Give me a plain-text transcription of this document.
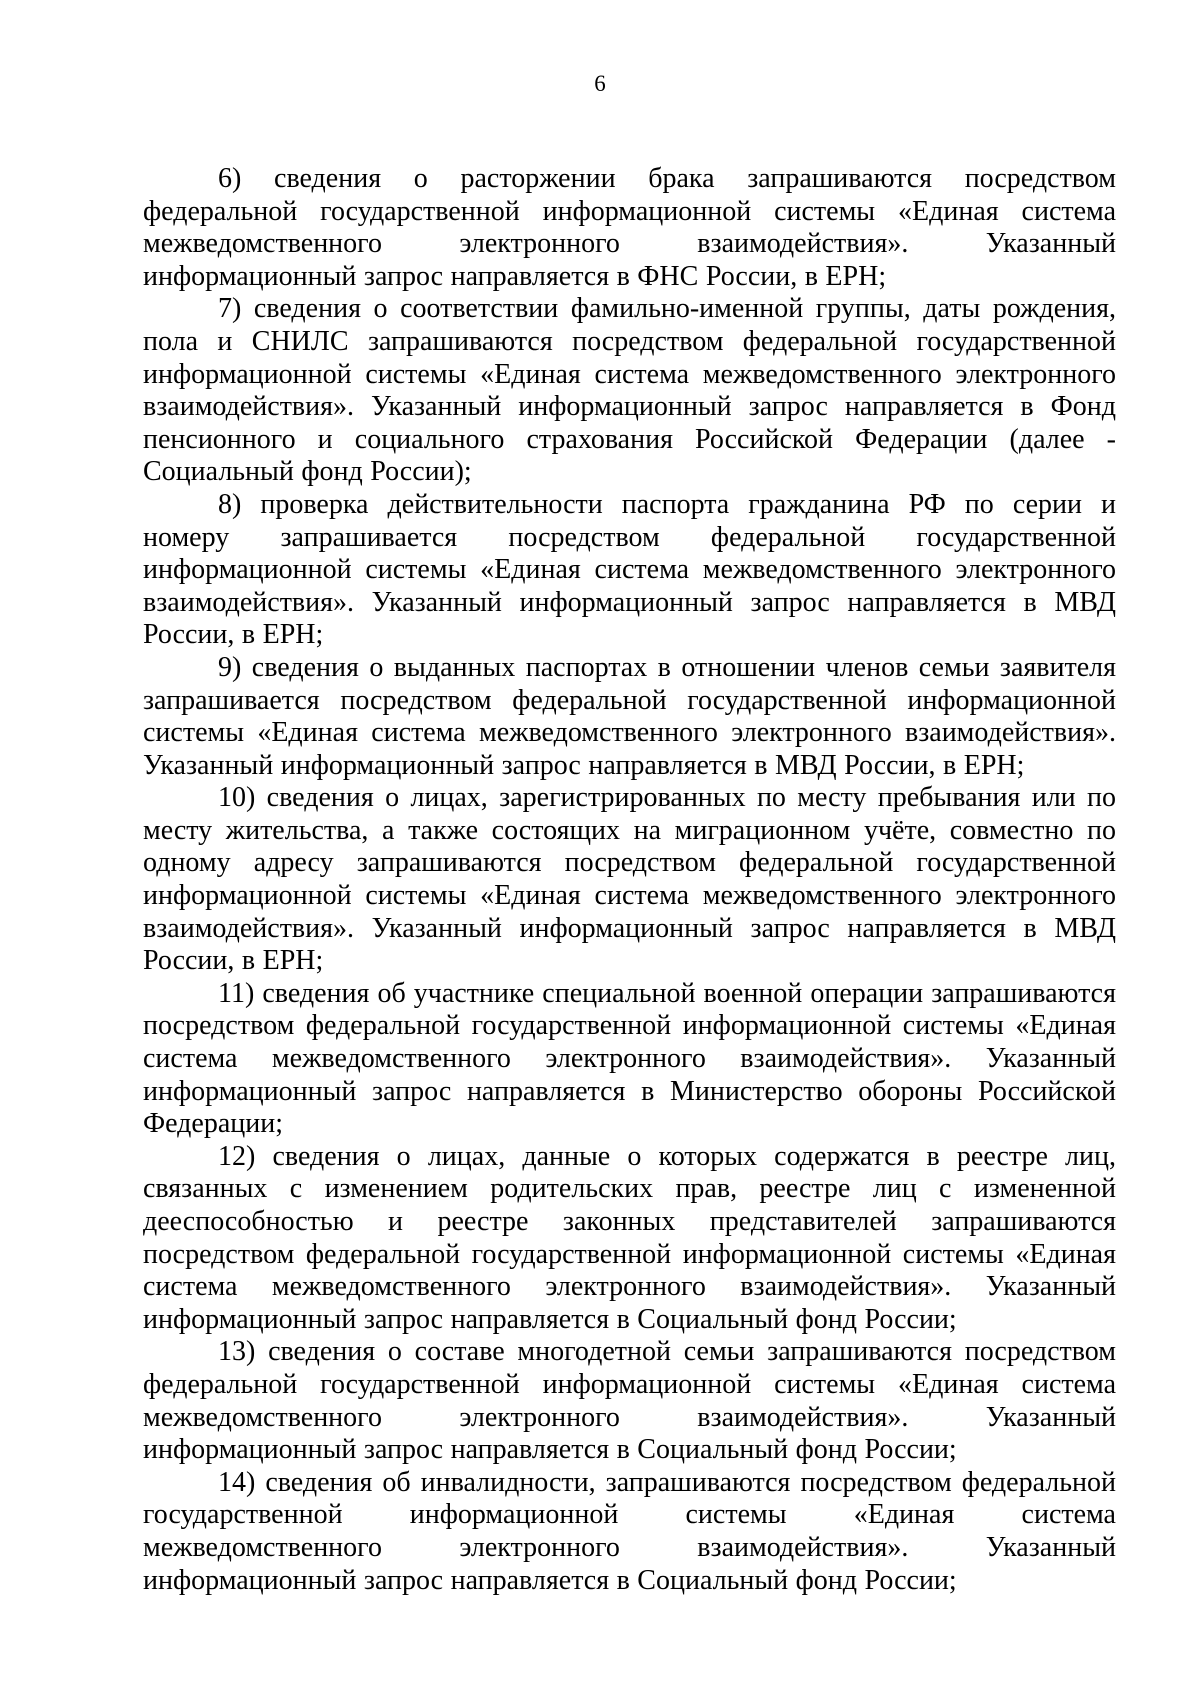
6

6) сведения о расторжении брака запрашиваются посредством федеральной государственной информационной системы «Единая система межведомственного электронного взаимодействия». Указанный информационный запрос направляется в ФНС России, в ЕРН;

7) сведения о соответствии фамильно-именной группы, даты рождения, пола и СНИЛС запрашиваются посредством федеральной государственной информационной системы «Единая система межведомственного электронного взаимодействия». Указанный информационный запрос направляется в Фонд пенсионного и социального страхования Российской Федерации (далее - Социальный фонд России);

8) проверка действительности паспорта гражданина РФ по серии и номеру запрашивается посредством федеральной государственной информационной системы «Единая система межведомственного электронного взаимодействия». Указанный информационный запрос направляется в МВД России, в ЕРН;

9) сведения о выданных паспортах в отношении членов семьи заявителя запрашивается посредством федеральной государственной информационной системы «Единая система межведомственного электронного взаимодействия». Указанный информационный запрос направляется в МВД России, в ЕРН;

10) сведения о лицах, зарегистрированных по месту пребывания или по месту жительства, а также состоящих на миграционном учёте, совместно по одному адресу запрашиваются посредством федеральной государственной информационной системы «Единая система межведомственного электронного взаимодействия». Указанный информационный запрос направляется в МВД России, в ЕРН;

11) сведения об участнике специальной военной операции запрашиваются посредством федеральной государственной информационной системы «Единая система межведомственного электронного взаимодействия». Указанный информационный запрос направляется в Министерство обороны Российской Федерации;

12) сведения о лицах, данные о которых содержатся в реестре лиц, связанных с изменением родительских прав, реестре лиц с измененной дееспособностью и реестре законных представителей запрашиваются посредством федеральной государственной информационной системы «Единая система межведомственного электронного взаимодействия». Указанный информационный запрос направляется в Социальный фонд России;

13) сведения о составе многодетной семьи запрашиваются посредством федеральной государственной информационной системы «Единая система межведомственного электронного взаимодействия». Указанный информационный запрос направляется в Социальный фонд России;

14) сведения об инвалидности, запрашиваются посредством федеральной государственной информационной системы «Единая система межведомственного электронного взаимодействия». Указанный информационный запрос направляется в Социальный фонд России;
